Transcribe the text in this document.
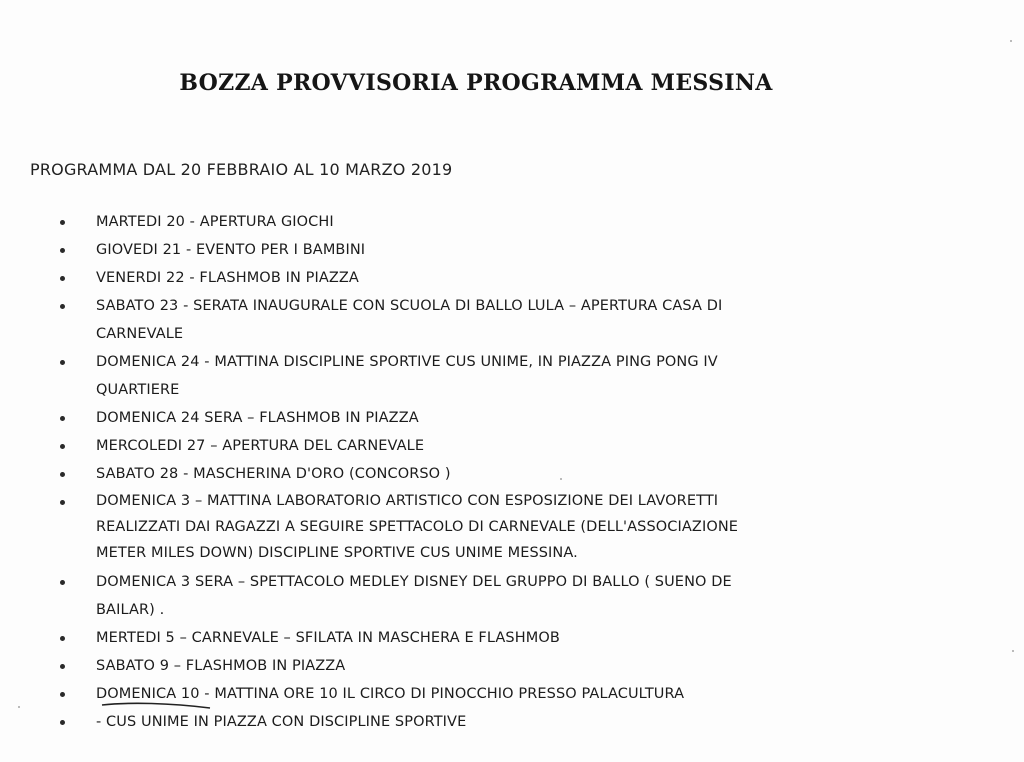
BOZZA PROVVISORIA PROGRAMMA MESSINA
PROGRAMMA DAL 20 FEBBRAIO AL 10 MARZO 2019
MARTEDI 20 - APERTURA GIOCHI
GIOVEDI 21 - EVENTO PER I BAMBINI
VENERDI 22 - FLASHMOB IN PIAZZA
SABATO 23 - SERATA INAUGURALE CON SCUOLA DI BALLO LULA – APERTURA CASA DI
CARNEVALE
DOMENICA 24 - MATTINA DISCIPLINE SPORTIVE CUS UNIME, IN PIAZZA PING PONG IV
QUARTIERE
DOMENICA 24 SERA – FLASHMOB IN PIAZZA
MERCOLEDI 27 – APERTURA DEL CARNEVALE
SABATO 28 - MASCHERINA D'ORO (CONCORSO )
DOMENICA 3 – MATTINA LABORATORIO ARTISTICO CON ESPOSIZIONE DEI LAVORETTI
REALIZZATI DAI RAGAZZI A SEGUIRE SPETTACOLO DI CARNEVALE (DELL'ASSOCIAZIONE
METER MILES DOWN) DISCIPLINE SPORTIVE CUS UNIME MESSINA.
DOMENICA 3 SERA – SPETTACOLO MEDLEY DISNEY DEL GRUPPO DI BALLO ( SUENO DE
BAILAR) .
MERTEDI 5 – CARNEVALE – SFILATA IN MASCHERA E FLASHMOB
SABATO 9 – FLASHMOB IN PIAZZA
DOMENICA 10 - MATTINA ORE 10 IL CIRCO DI PINOCCHIO PRESSO PALACULTURA
- CUS UNIME IN PIAZZA CON DISCIPLINE SPORTIVE
